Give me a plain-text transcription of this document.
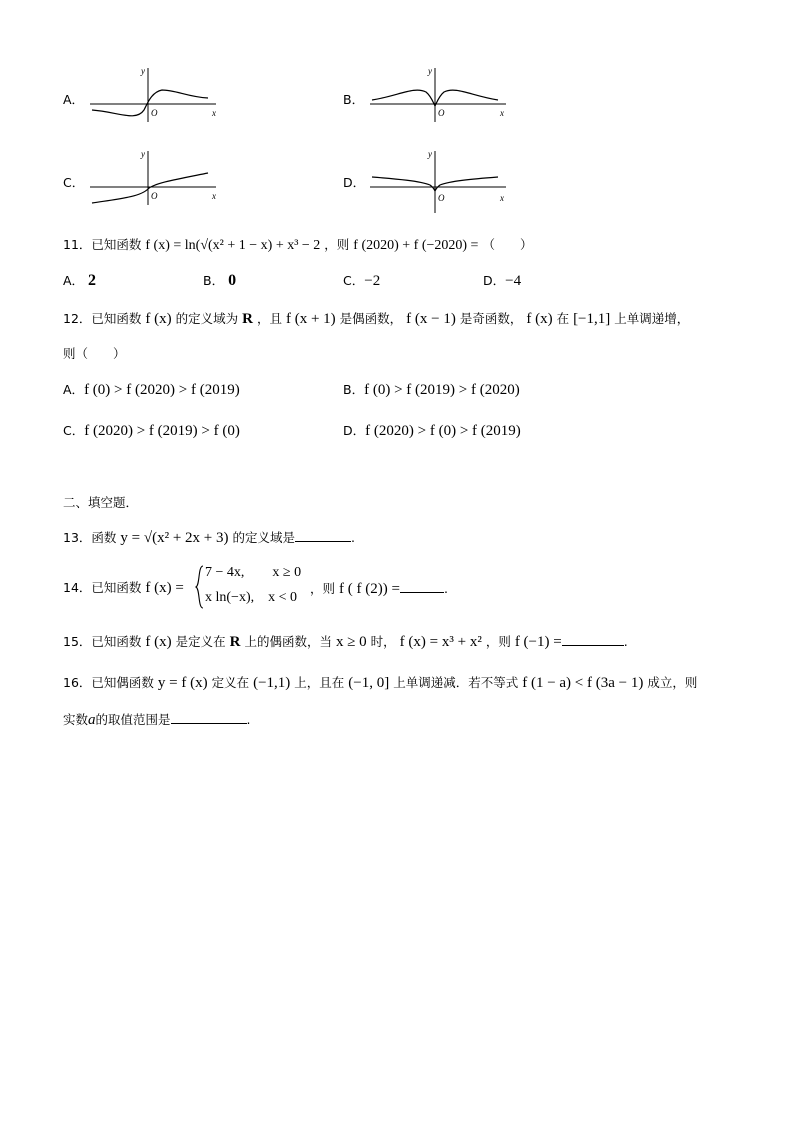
A．
y
O	x
B．
y
O	x
C．
y
O	x
D．
y
O	x
11．已知函数 f (x) = ln(√(x² + 1 − x) + x³ − 2 ，则 f (2020) + f (−2020) = （　　）
A． 2	B． 0	C．−2	D．−4
12．已知函数 f (x) 的定义域为 R ，且 f (x + 1) 是偶函数， f (x − 1) 是奇函数， f (x) 在 [−1,1] 上单调递增，
则（　　）
A．f (0) > f (2020) > f (2019)	B．f (0) > f (2019) > f (2020)
C．f (2020) > f (2019) > f (0)	D．f (2020) > f (0) > f (2019)
二、填空题．
13．函数 y = √(x² + 2x + 3) 的定义域是	.
14．已知函数 f (x) =
7 − 4x,　　x ≥ 0
x ln(−x),　x < 0
，则 f ( f (2)) =	.
15．已知函数 f (x) 是定义在 R 上的偶函数，当 x ≥ 0 时， f (x) = x³ + x² ，则 f (−1) =	.
16．已知偶函数 y = f (x) 定义在 (−1,1) 上，且在 (−1, 0] 上单调递减．若不等式 f (1 − a) < f (3a − 1) 成立，则
实数a的取值范围是	.
